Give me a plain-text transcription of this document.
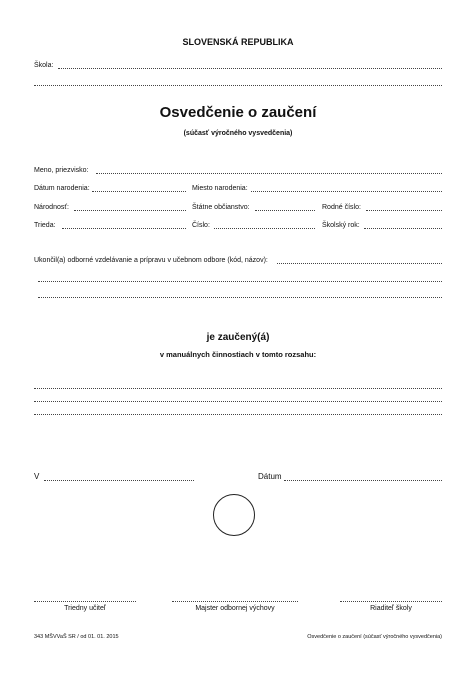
SLOVENSKÁ REPUBLIKA
Škola:
Osvedčenie o zaučení
(súčasť výročného vysvedčenia)
Meno, priezvisko:
Dátum narodenia:	Miesto narodenia:
Národnosť:	Štátne občianstvo:	Rodné číslo:
Trieda:	Číslo:	Školský rok:
Ukončil(a) odborné vzdelávanie a prípravu v učebnom odbore (kód, názov):
je zaučený(á)
v manuálnych činnostiach v tomto rozsahu:
V	Dátum
Triedny učiteľ	Majster odbornej výchovy	Riaditeľ školy
343 MŠVVaŠ SR / od 01. 01. 2015	Osvedčenie o zaučení (súčasť výročného vysvedčenia)
